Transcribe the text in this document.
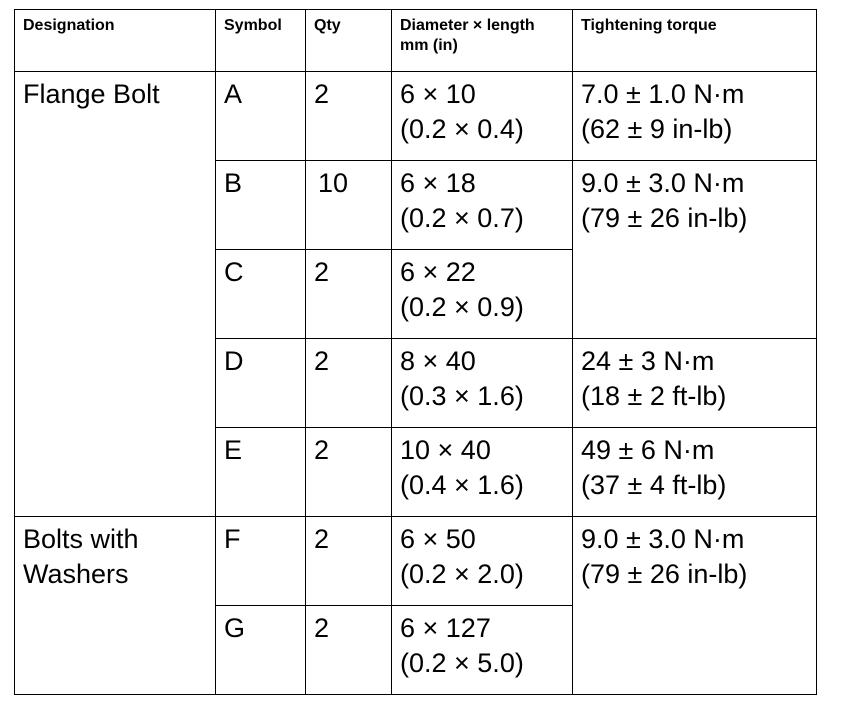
Designation	Symbol	Qty	Diameter × length
mm (in)	Tightening torque

Flange Bolt	A	2	6 × 10
(0.2 × 0.4)	7.0 ± 1.0 N·m
(62 ± 9 in-lb)

	B	10	6 × 18
(0.2 × 0.7)	9.0 ± 3.0 N·m
(79 ± 26 in-lb)

	C	2	6 × 22
(0.2 × 0.9)	

	D	2	8 × 40
(0.3 × 1.6)	24 ± 3 N·m
(18 ± 2 ft-lb)

	E	2	10 × 40
(0.4 × 1.6)	49 ± 6 N·m
(37 ± 4 ft-lb)

Bolts with
Washers	F	2	6 × 50
(0.2 × 2.0)	9.0 ± 3.0 N·m
(79 ± 26 in-lb)

	G	2	6 × 127
(0.2 × 5.0)	
